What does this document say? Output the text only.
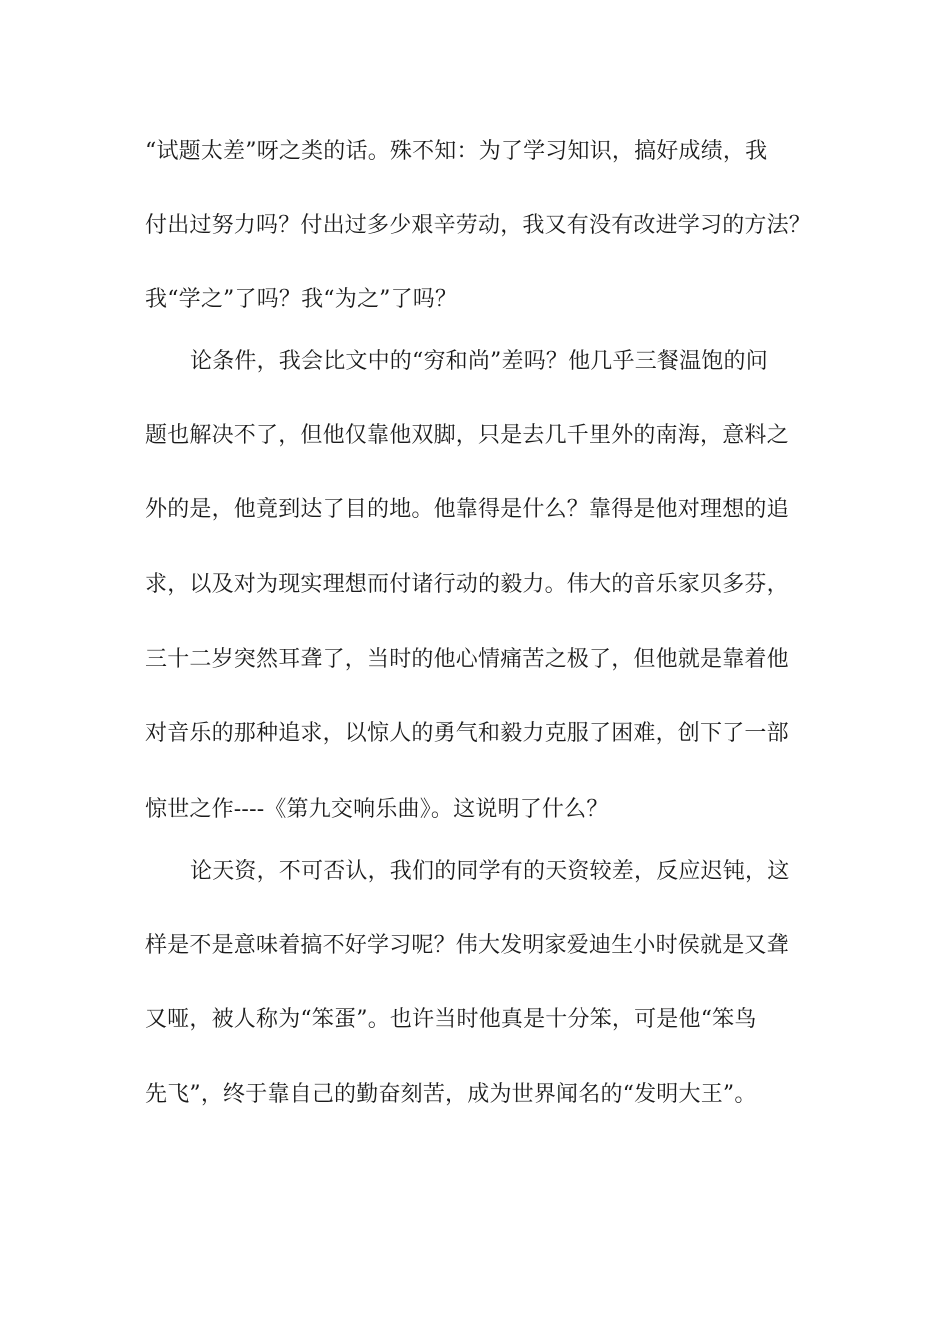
“试题太差”呀之类的话。殊不知：为了学习知识，搞好成绩，我
付出过努力吗？付出过多少艰辛劳动，我又有没有改进学习的方法？
我“学之”了吗？我“为之”了吗？
论条件，我会比文中的“穷和尚”差吗？他几乎三餐温饱的问
题也解决不了，但他仅靠他双脚，只是去几千里外的南海，意料之
外的是，他竟到达了目的地。他靠得是什么？靠得是他对理想的追
求，以及对为现实理想而付诸行动的毅力。伟大的音乐家贝多芬，
三十二岁突然耳聋了，当时的他心情痛苦之极了，但他就是靠着他
对音乐的那种追求，以惊人的勇气和毅力克服了困难，创下了一部
惊世之作----《第九交响乐曲》。这说明了什么？
论天资，不可否认，我们的同学有的天资较差，反应迟钝，这
样是不是意味着搞不好学习呢？伟大发明家爱迪生小时侯就是又聋
又哑，被人称为“笨蛋”。也许当时他真是十分笨，可是他“笨鸟
先飞”，终于靠自己的勤奋刻苦，成为世界闻名的“发明大王”。
